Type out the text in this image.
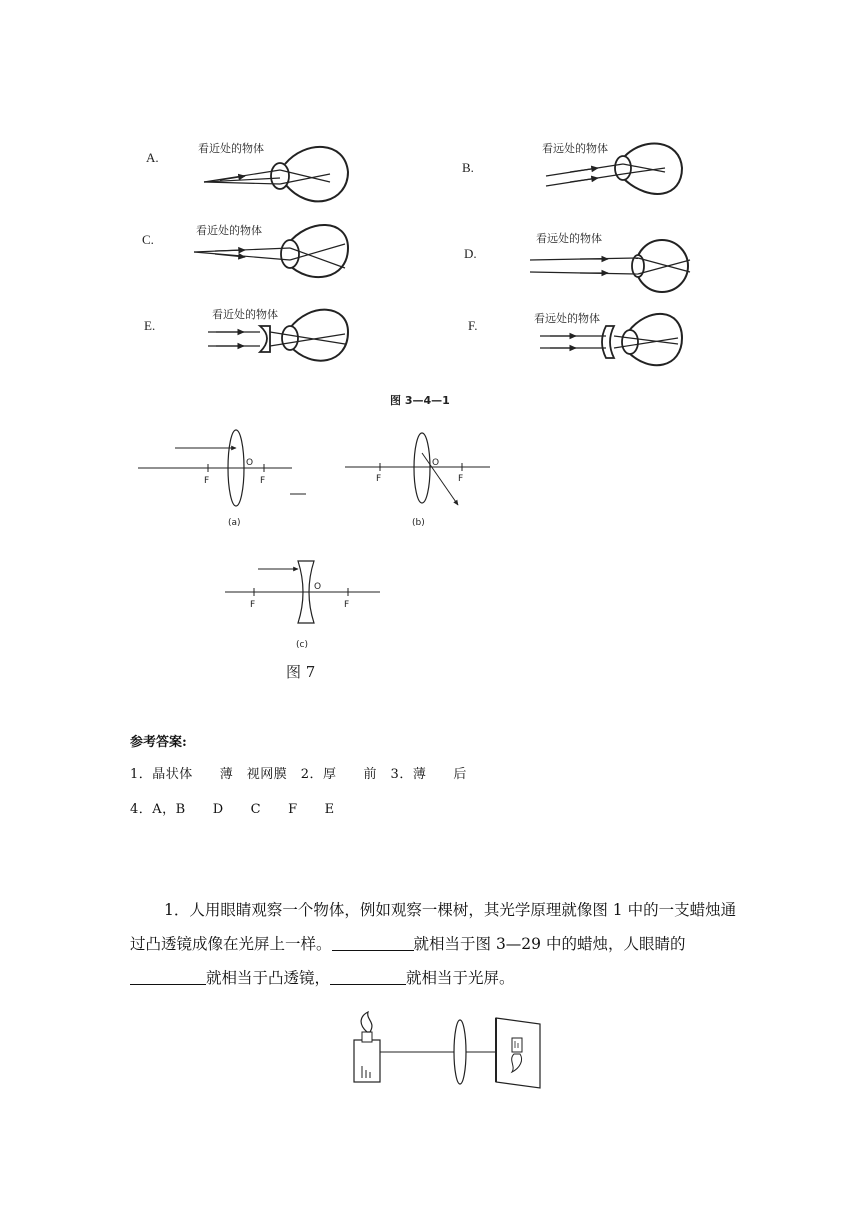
A.
看近处的物体
B.
看远处的物体
C.
看近处的物体
D.
看远处的物体
E.
看近处的物体
F.	看远处的物体
图 3—4—1
F	F
O
(a)
F	F
O
(b)
F	F
O
(c)
图 7
参考答案:
1．晶状体　　薄　视网膜　2．厚　　前　3．薄　　后
4．A，B　　D　　C　　F　　E
1．人用眼睛观察一个物体，例如观察一棵树，其光学原理就像图 1 中的一支蜡烛通过凸透镜成像在光屏上一样。	就相当于图 3—29 中的蜡烛，人眼睛的就相当于凸透镜，	就相当于光屏。
